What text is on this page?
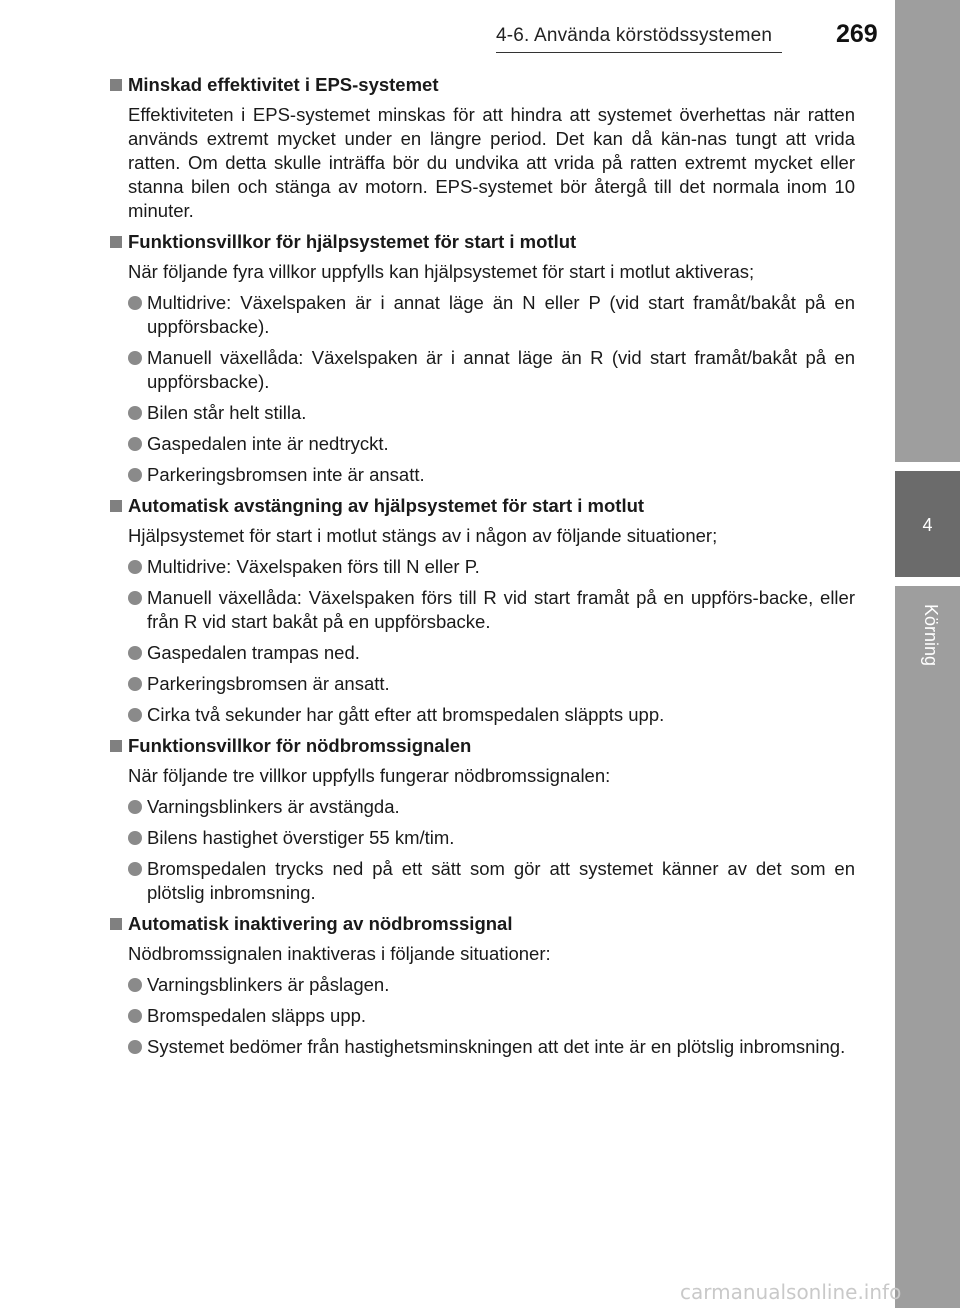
4-6. Använda körstödssystemen	269
4
Körning
Minskad effektivitet i EPS-systemet
Effektiviteten i EPS-systemet minskas för att hindra att systemet överhettas när ratten används extremt mycket under en längre period. Det kan då kän-nas tungt att vrida ratten. Om detta skulle inträffa bör du undvika att vrida på ratten extremt mycket eller stanna bilen och stänga av motorn. EPS-systemet bör återgå till det normala inom 10 minuter.
Funktionsvillkor för hjälpsystemet för start i motlut
När följande fyra villkor uppfylls kan hjälpsystemet för start i motlut aktiveras;
Multidrive: Växelspaken är i annat läge än N eller P (vid start framåt/bakåt på en uppförsbacke).
Manuell växellåda: Växelspaken är i annat läge än R (vid start framåt/bakåt på en uppförsbacke).
Bilen står helt stilla.
Gaspedalen inte är nedtryckt.
Parkeringsbromsen inte är ansatt.
Automatisk avstängning av hjälpsystemet för start i motlut
Hjälpsystemet för start i motlut stängs av i någon av följande situationer;
Multidrive: Växelspaken förs till N eller P.
Manuell växellåda: Växelspaken förs till R vid start framåt på en uppförs-backe, eller från R vid start bakåt på en uppförsbacke.
Gaspedalen trampas ned.
Parkeringsbromsen är ansatt.
Cirka två sekunder har gått efter att bromspedalen släppts upp.
Funktionsvillkor för nödbromssignalen
När följande tre villkor uppfylls fungerar nödbromssignalen:
Varningsblinkers är avstängda.
Bilens hastighet överstiger 55 km/tim.
Bromspedalen trycks ned på ett sätt som gör att systemet känner av det som en plötslig inbromsning.
Automatisk inaktivering av nödbromssignal
Nödbromssignalen inaktiveras i följande situationer:
Varningsblinkers är påslagen.
Bromspedalen släpps upp.
Systemet bedömer från hastighetsminskningen att det inte är en plötslig inbromsning.
carmanualsonline.info
